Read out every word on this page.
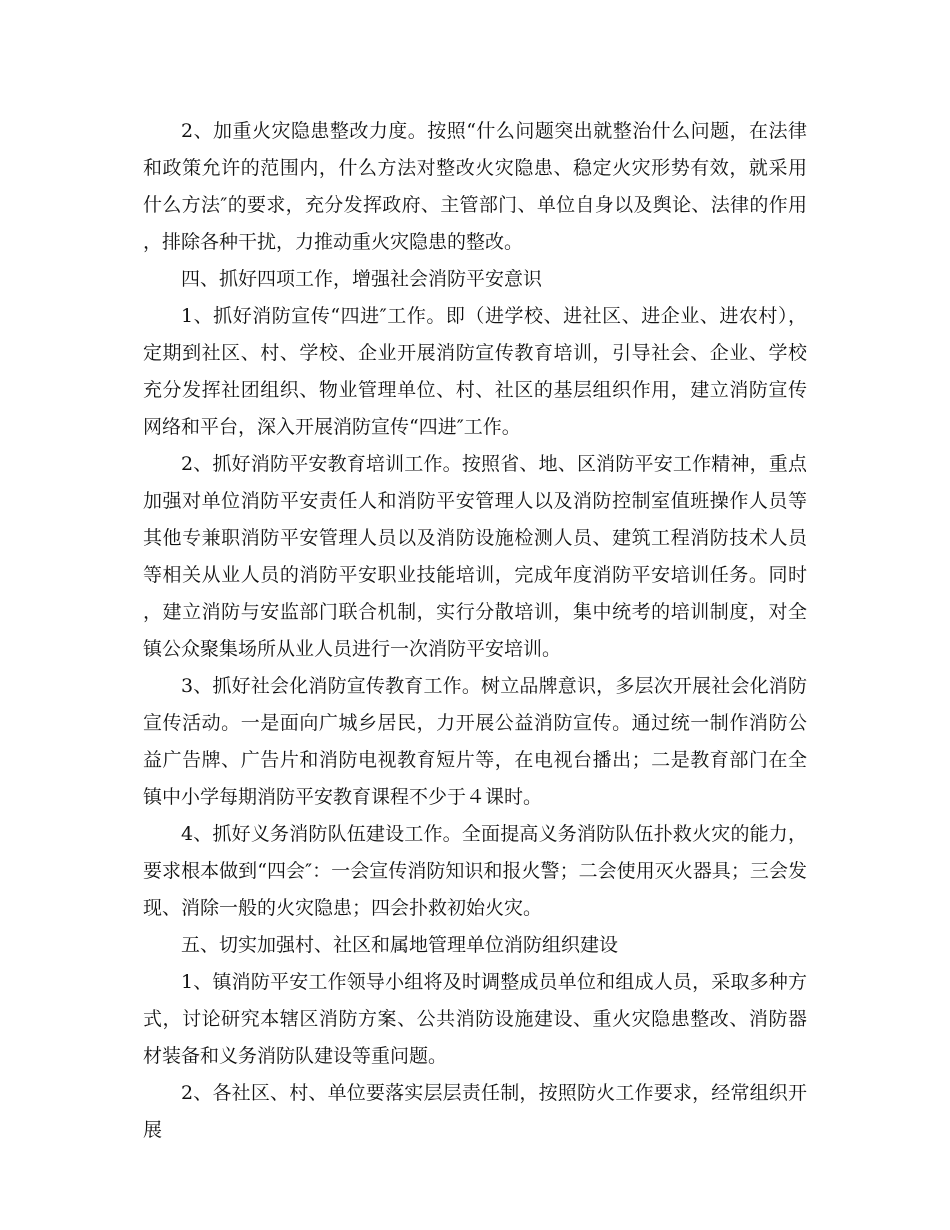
2、加重火灾隐患整改力度。按照“什么问题突出就整治什么问题，在法律和政策允许的范围内，什么方法对整改火灾隐患、稳定火灾形势有效，就采用什么方法″的要求，充分发挥政府、主管部门、单位自身以及舆论、法律的作用，排除各种干扰，力推动重火灾隐患的整改。

四、抓好四项工作，增强社会消防平安意识

1、抓好消防宣传“四进″工作。即（进学校、进社区、进企业、进农村），定期到社区、村、学校、企业开展消防宣传教育培训，引导社会、企业、学校充分发挥社团组织、物业管理单位、村、社区的基层组织作用，建立消防宣传网络和平台，深入开展消防宣传“四进″工作。

2、抓好消防平安教育培训工作。按照省、地、区消防平安工作精神，重点加强对单位消防平安责任人和消防平安管理人以及消防控制室值班操作人员等其他专兼职消防平安管理人员以及消防设施检测人员、建筑工程消防技术人员等相关从业人员的消防平安职业技能培训，完成年度消防平安培训任务。同时，建立消防与安监部门联合机制，实行分散培训，集中统考的培训制度，对全镇公众聚集场所从业人员进行一次消防平安培训。

3、抓好社会化消防宣传教育工作。树立品牌意识，多层次开展社会化消防宣传活动。一是面向广城乡居民，力开展公益消防宣传。通过统一制作消防公益广告牌、广告片和消防电视教育短片等，在电视台播出；二是教育部门在全镇中小学每期消防平安教育课程不少于４课时。

4、抓好义务消防队伍建设工作。全面提高义务消防队伍扑救火灾的能力，要求根本做到“四会″：一会宣传消防知识和报火警；二会使用灭火器具；三会发现、消除一般的火灾隐患；四会扑救初始火灾。

五、切实加强村、社区和属地管理单位消防组织建设

1、镇消防平安工作领导小组将及时调整成员单位和组成人员，采取多种方式，讨论研究本辖区消防方案、公共消防设施建设、重火灾隐患整改、消防器材装备和义务消防队建设等重问题。

2、各社区、村、单位要落实层层责任制，按照防火工作要求，经常组织开展
